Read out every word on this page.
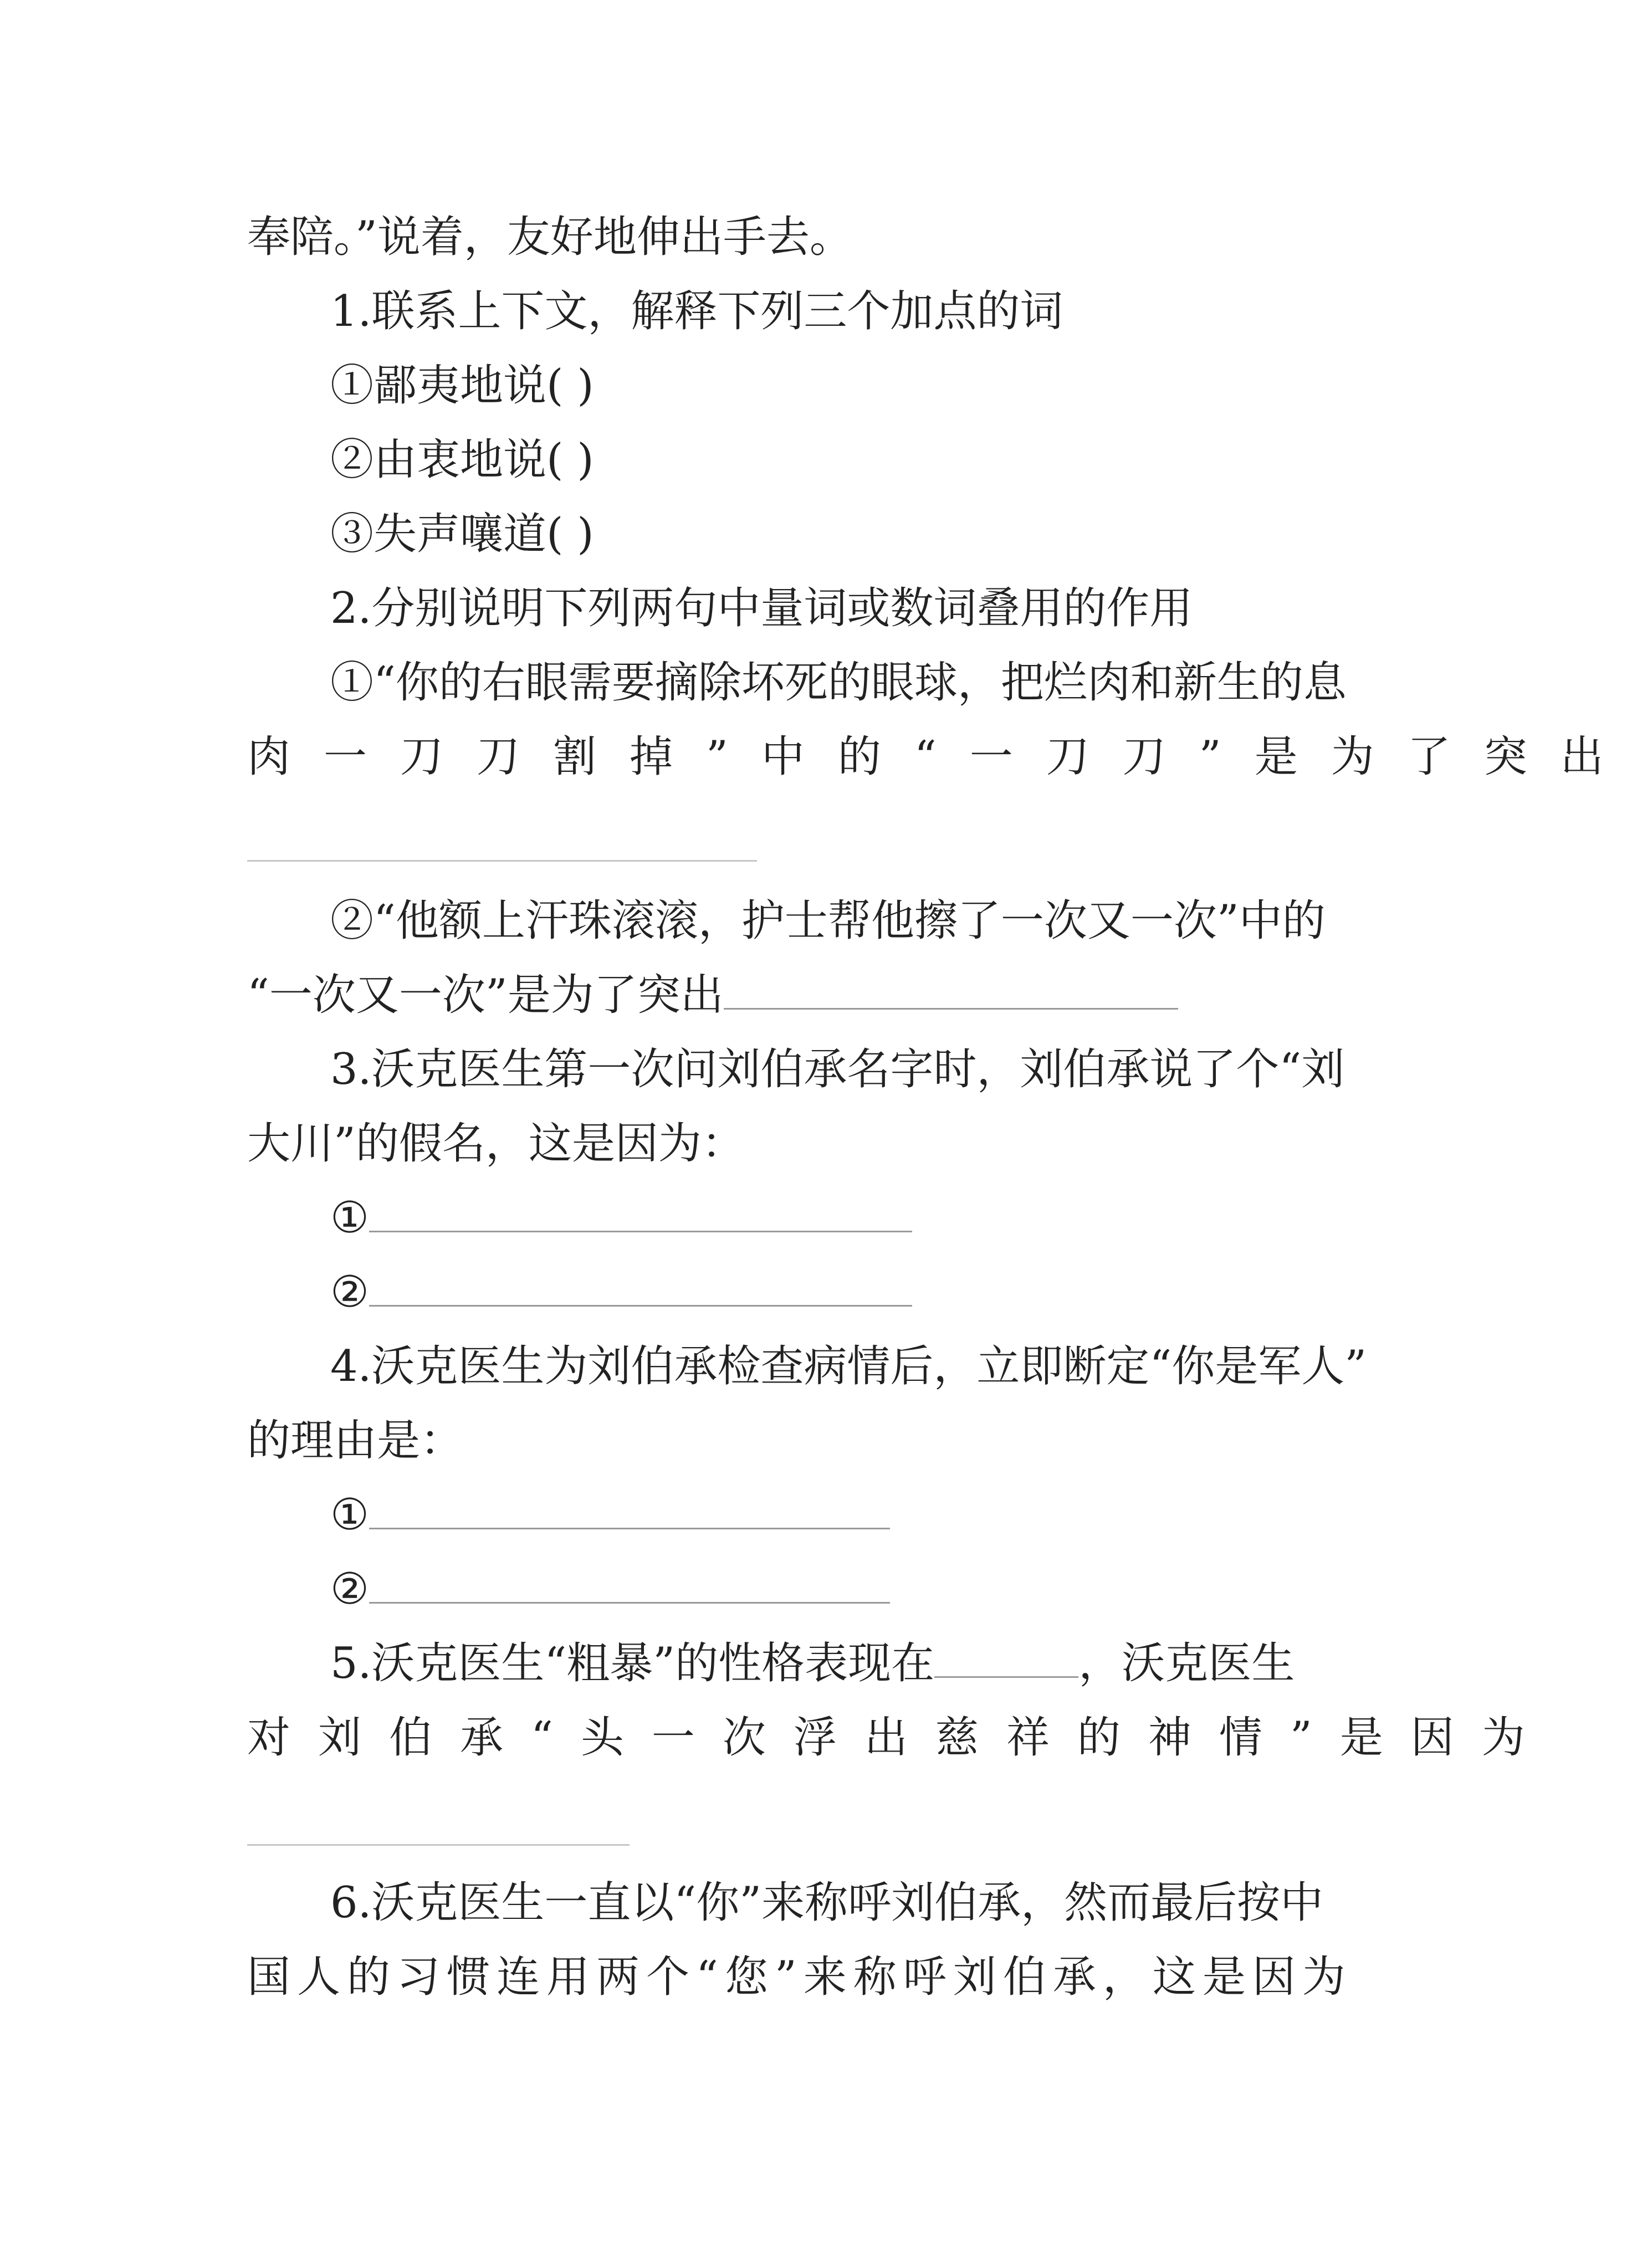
奉陪。”说着，友好地伸出手去。
1.联系上下文，解释下列三个加点的词
①鄙夷地说( )
②由衷地说( )
③失声嚷道( )
2.分别说明下列两句中量词或数词叠用的作用
①“你的右眼需要摘除坏死的眼球，把烂肉和新生的息
肉一刀刀割掉”中的“一刀刀”是为了突出
②“他额上汗珠滚滚，护士帮他擦了一次又一次”中的
“一次又一次”是为了突出
3.沃克医生第一次问刘伯承名字时，刘伯承说了个“刘
大川”的假名，这是因为：
①
②
4.沃克医生为刘伯承检查病情后，立即断定“你是军人”
的理由是：
①
②
5.沃克医生“粗暴”的性格表现在	，沃克医生
对刘伯承“头一次浮出慈祥的神情”是因为
6.沃克医生一直以“你”来称呼刘伯承，然而最后按中
国人的习惯连用两个“您”来称呼刘伯承，这是因为
